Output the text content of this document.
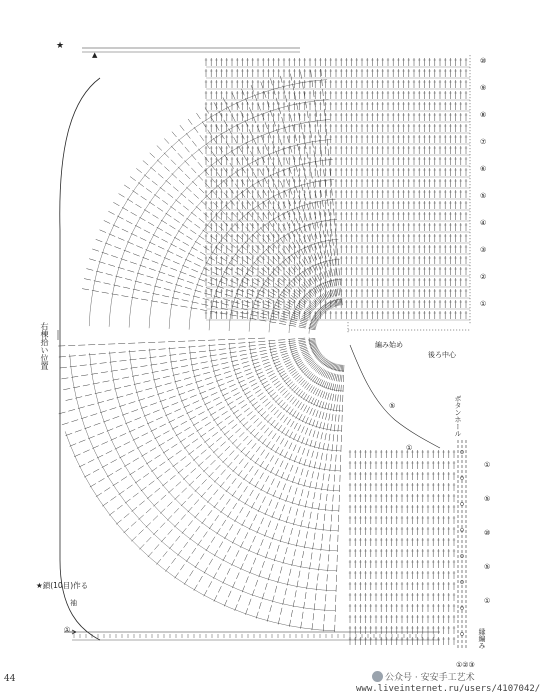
★
▲
右棟拾い位置
★鎖(10目)作る
袖
①
編み始め
後ろ中心
⑤
①
ボタンホール
⑩
⑨
⑧
⑦
⑥
⑤
④
③
②
①
①
⑤
⑩
⑤
①
縁編み
①②③
44	公众号 · 安安手工艺术
www.liveinternet.ru/users/4107042/
